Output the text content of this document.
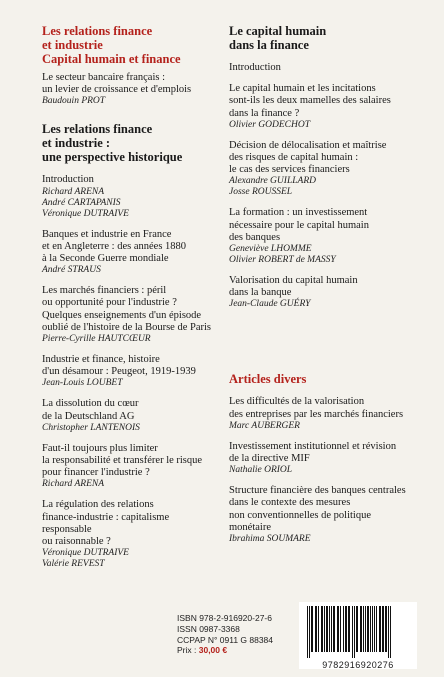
Les relations finance
et industrie
Capital humain et finance
Le secteur bancaire français :
un levier de croissance et d'emplois
Baudouin PROT
Les relations finance
et industrie :
une perspective historique
Introduction
Richard ARENA
André CARTAPANIS
Véronique DUTRAIVE
Banques et industrie en France
et en Angleterre : des années 1880
à la Seconde Guerre mondiale
André STRAUS
Les marchés financiers : péril
ou opportunité pour l'industrie ?
Quelques enseignements d'un épisode
oublié de l'histoire de la Bourse de Paris
Pierre-Cyrille HAUTCŒUR
Industrie et finance, histoire
d'un désamour : Peugeot, 1919-1939
Jean-Louis LOUBET
La dissolution du cœur
de la Deutschland AG
Christopher LANTENOIS
Faut-il toujours plus limiter
la responsabilité et transférer le risque
pour financer l'industrie ?
Richard ARENA
La régulation des relations
finance-industrie : capitalisme responsable
ou raisonnable ?
Véronique DUTRAIVE
Valérie REVEST
Le capital humain
dans la finance
Introduction
Le capital humain et les incitations
sont-ils les deux mamelles des salaires
dans la finance ?
Olivier GODECHOT
Décision de délocalisation et maîtrise
des risques de capital humain :
le cas des services financiers
Alexandre GUILLARD
Josse ROUSSEL
La formation : un investissement
nécessaire pour le capital humain
des banques
Geneviève LHOMME
Olivier ROBERT de MASSY
Valorisation du capital humain
dans la banque
Jean-Claude GUÉRY
Articles divers
Les difficultés de la valorisation
des entreprises par les marchés financiers
Marc AUBERGER
Investissement institutionnel et révision
de la directive MIF
Nathalie ORIOL
Structure financière des banques centrales
dans le contexte des mesures
non conventionnelles de politique
monétaire
Ibrahima SOUMARE
ISBN 978-2-916920-27-6
ISSN 0987-3368
CCPAP N° 0911 G 88384
Prix : 30,00 €
9782916920276
